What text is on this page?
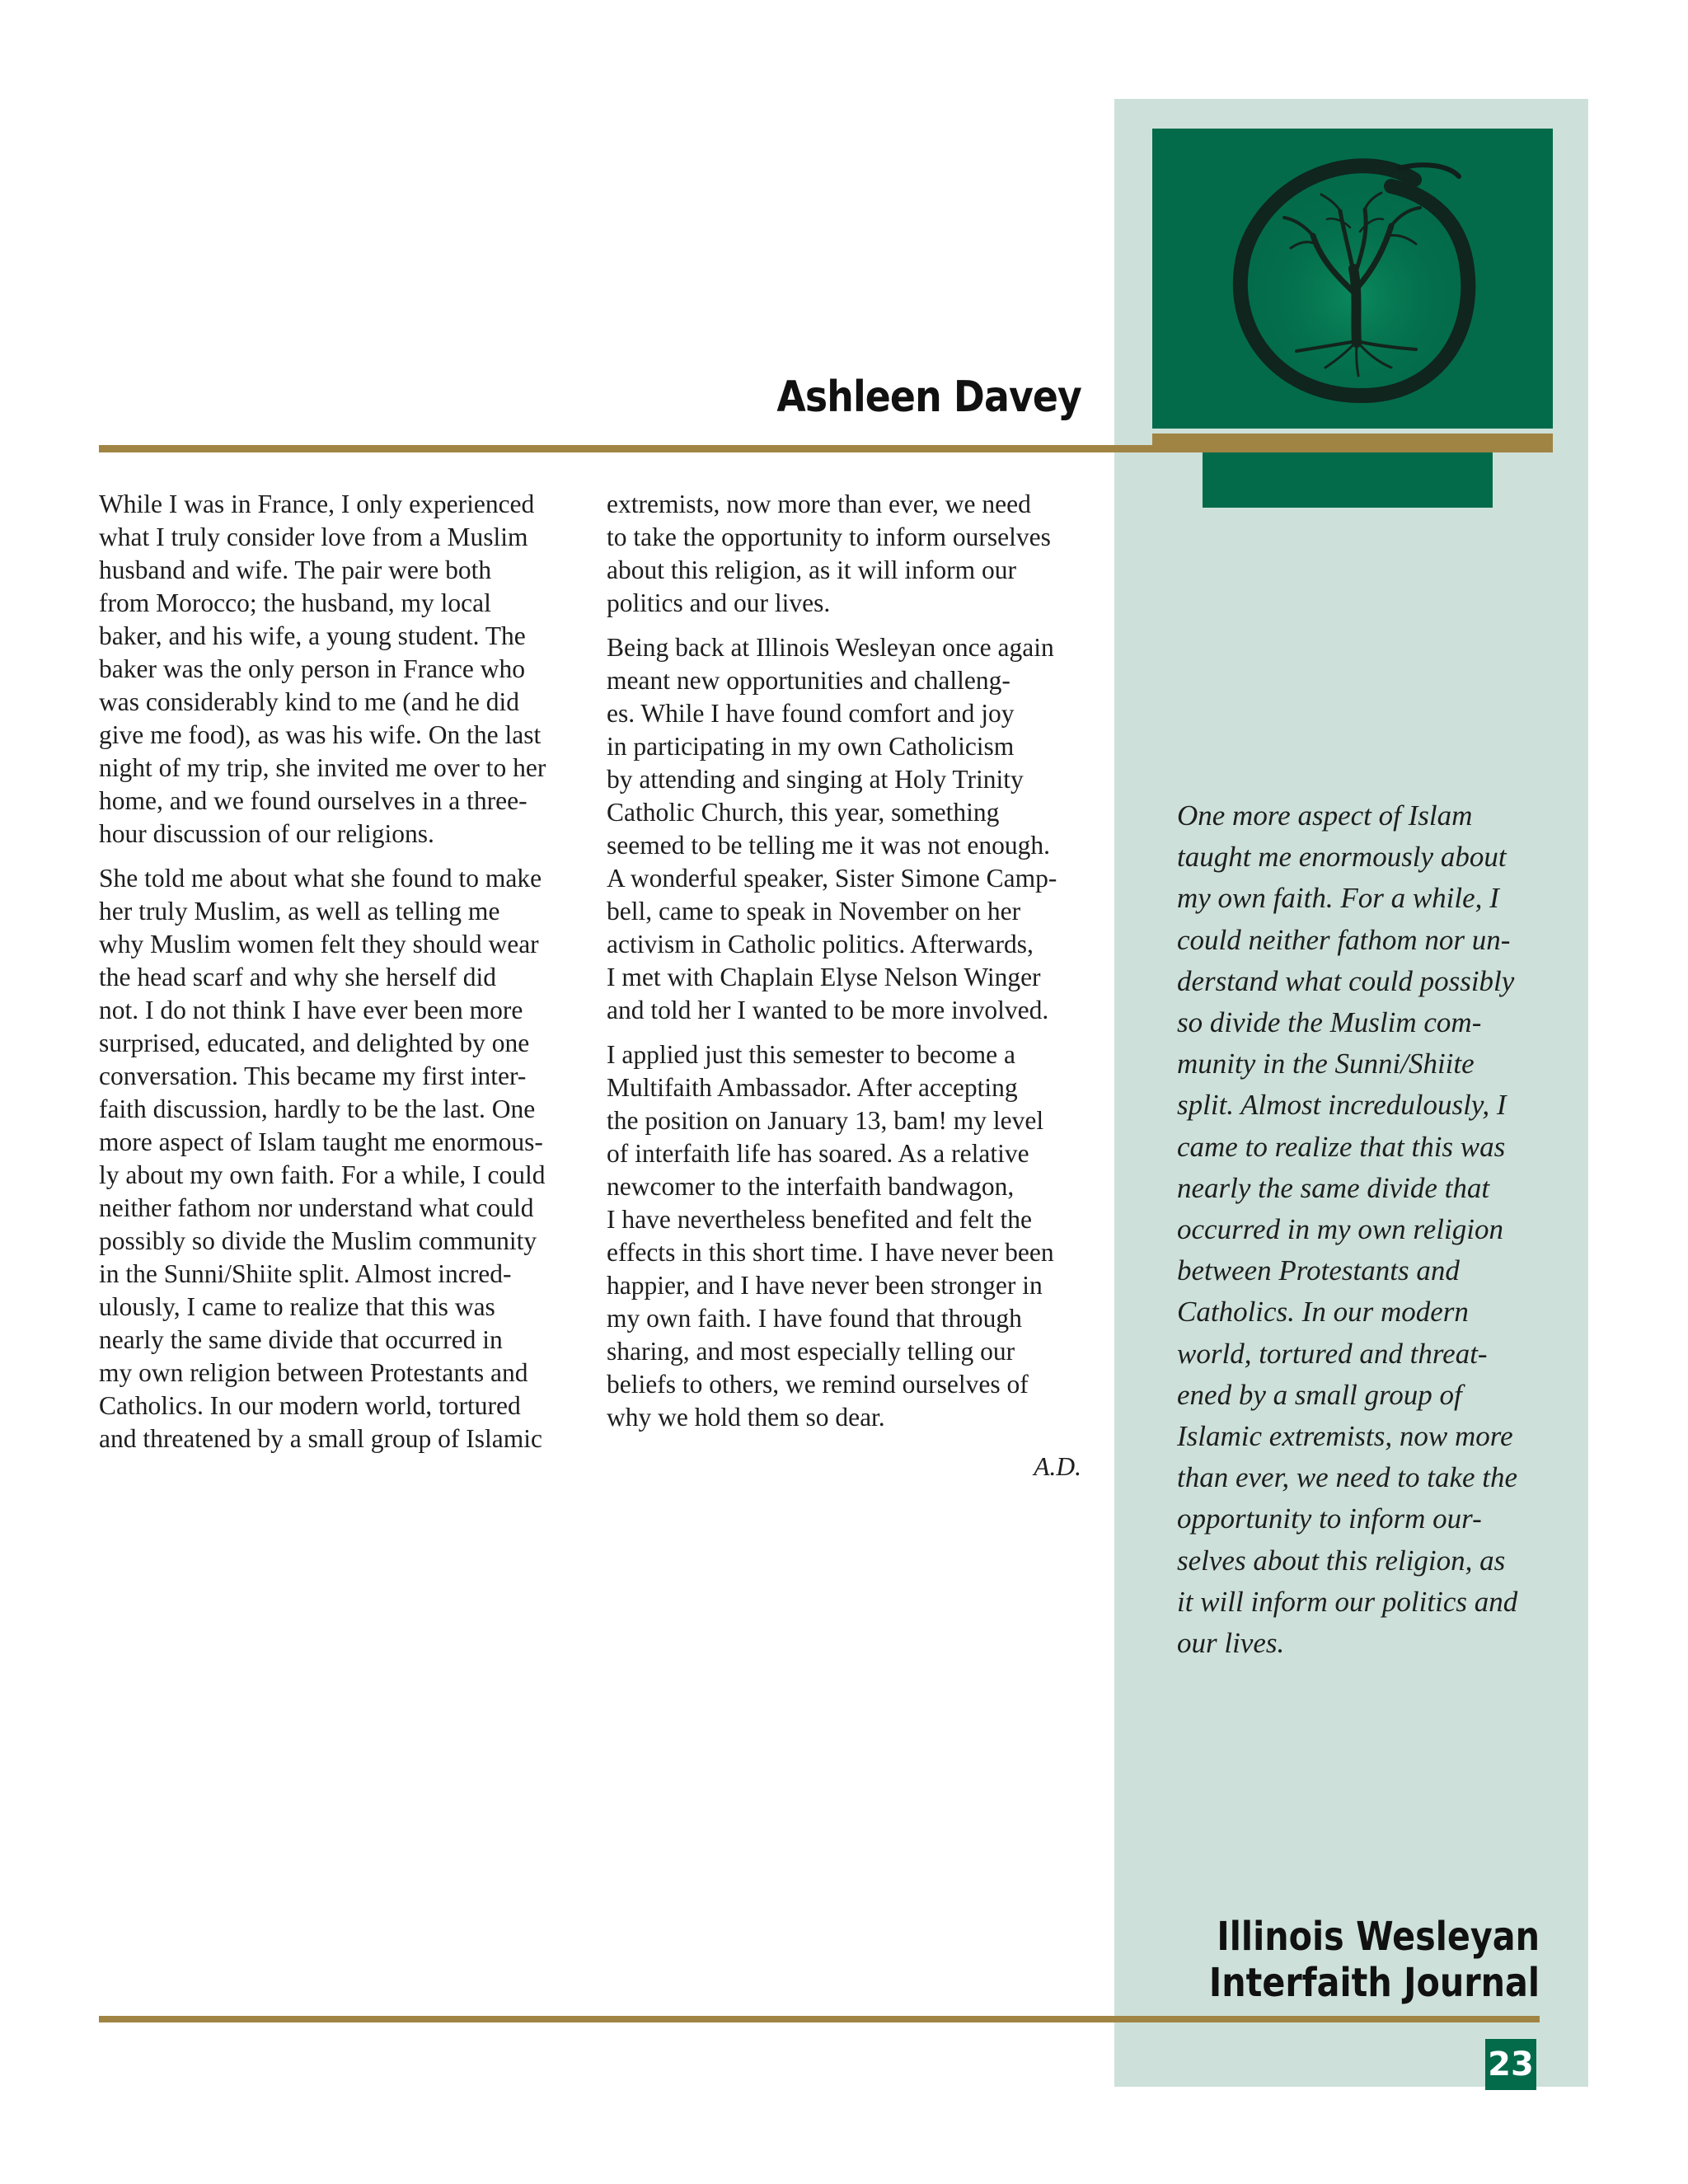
Ashleen Davey

While I was in France, I only experienced
what I truly consider love from a Muslim
husband and wife. The pair were both
from Morocco; the husband, my local
baker, and his wife, a young student. The
baker was the only person in France who
was considerably kind to me (and he did
give me food), as was his wife. On the last
night of my trip, she invited me over to her
home, and we found ourselves in a three-
hour discussion of our religions.

She told me about what she found to make
her truly Muslim, as well as telling me
why Muslim women felt they should wear
the head scarf and why she herself did
not. I do not think I have ever been more
surprised, educated, and delighted by one
conversation. This became my first inter-
faith discussion, hardly to be the last. One
more aspect of Islam taught me enormous-
ly about my own faith. For a while, I could
neither fathom nor understand what could
possibly so divide the Muslim community
in the Sunni/Shiite split. Almost incred-
ulously, I came to realize that this was
nearly the same divide that occurred in
my own religion between Protestants and
Catholics. In our modern world, tortured
and threatened by a small group of Islamic

extremists, now more than ever, we need
to take the opportunity to inform ourselves
about this religion, as it will inform our
politics and our lives.

Being back at Illinois Wesleyan once again
meant new opportunities and challeng-
es. While I have found comfort and joy
in participating in my own Catholicism
by attending and singing at Holy Trinity
Catholic Church, this year, something
seemed to be telling me it was not enough.
A wonderful speaker, Sister Simone Camp-
bell, came to speak in November on her
activism in Catholic politics. Afterwards,
I met with Chaplain Elyse Nelson Winger
and told her I wanted to be more involved.

I applied just this semester to become a
Multifaith Ambassador. After accepting
the position on January 13, bam! my level
of interfaith life has soared. As a relative
newcomer to the interfaith bandwagon,
I have nevertheless benefited and felt the
effects in this short time. I have never been
happier, and I have never been stronger in
my own faith. I have found that through
sharing, and most especially telling our
beliefs to others, we remind ourselves of
why we hold them so dear.

A.D.
One more aspect of Islam
taught me enormously about
my own faith. For a while, I
could neither fathom nor un-
derstand what could possibly
so divide the Muslim com-
munity in the Sunni/Shiite
split. Almost incredulously, I
came to realize that this was
nearly the same divide that
occurred in my own religion
between Protestants and
Catholics. In our modern
world, tortured and threat-
ened by a small group of
Islamic extremists, now more
than ever, we need to take the
opportunity to inform our-
selves about this religion, as
it will inform our politics and
our lives.
Illinois Wesleyan
Interfaith Journal
23
